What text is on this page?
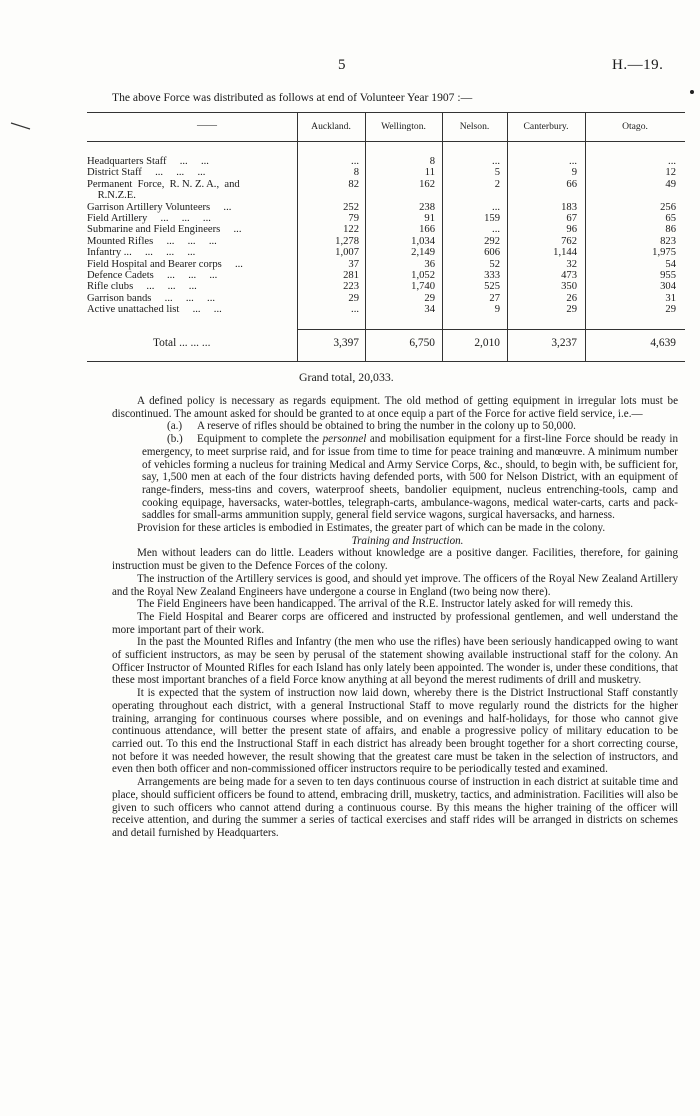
5	H.—19.
The above Force was distributed as follows at end of Volunteer Year 1907 :—
——	Auckland.	Wellington.	Nelson.	Canterbury.	Otago.
Headquarters Staff     ...     ...	...	8	...	...	...
District Staff     ...     ...     ...	8	11	5	9	12
Permanent  Force,  R. N. Z. A.,  and	82	162	2	66	49
R.N.Z.E.
Garrison Artillery Volunteers     ...	252	238	...	183	256
Field Artillery     ...     ...     ...	79	91	159	67	65
Submarine and Field Engineers     ...	122	166	...	96	86
Mounted Rifles     ...     ...     ...	1,278	1,034	292	762	823
Infantry ...     ...     ...     ...	1,007	2,149	606	1,144	1,975
Field Hospital and Bearer corps     ...	37	36	52	32	54
Defence Cadets     ...     ...     ...	281	1,052	333	473	955
Rifle clubs     ...     ...     ...	223	1,740	525	350	304
Garrison bands     ...     ...     ...	29	29	27	26	31
Active unattached list     ...     ...	...	34	9	29	29
Total ... ... ...	3,397	6,750	2,010	3,237	4,639
Grand total, 20,033.

A defined policy is necessary as regards equipment. The old method of getting equipment in irregular lots must be discontinued. The amount asked for should be granted to at once equip a part of the Force for active field service, i.e.—

(a.) A reserve of rifles should be obtained to bring the number in the colony up to 50,000.

(b.) Equipment to complete the personnel and mobilisation equipment for a first-line Force should be ready in emergency, to meet surprise raid, and for issue from time to time for peace training and manœuvre. A minimum number of vehicles forming a nucleus for training Medical and Army Service Corps, &c., should, to begin with, be sufficient for, say, 1,500 men at each of the four districts having defended ports, with 500 for Nelson District, with an equipment of range-finders, mess-tins and covers, waterproof sheets, bandolier equipment, nucleus entrenching-tools, camp and cooking equipage, haversacks, water-bottles, telegraph-carts, ambulance-wagons, medical water-carts, carts and pack-saddles for small-arms ammunition supply, general field service wagons, surgical haversacks, and harness.

Provision for these articles is embodied in Estimates, the greater part of which can be made in the colony.

Training and Instruction.

Men without leaders can do little. Leaders without knowledge are a positive danger. Facilities, therefore, for gaining instruction must be given to the Defence Forces of the colony.

The instruction of the Artillery services is good, and should yet improve. The officers of the Royal New Zealand Artillery and the Royal New Zealand Engineers have undergone a course in England (two being now there).

The Field Engineers have been handicapped. The arrival of the R.E. Instructor lately asked for will remedy this.

The Field Hospital and Bearer corps are officered and instructed by professional gentlemen, and well understand the more important part of their work.

In the past the Mounted Rifles and Infantry (the men who use the rifles) have been seriously handicapped owing to want of sufficient instructors, as may be seen by perusal of the statement showing available instructional staff for the colony. An Officer Instructor of Mounted Rifles for each Island has only lately been appointed. The wonder is, under these conditions, that these most important branches of a field Force know anything at all beyond the merest rudiments of drill and musketry.

It is expected that the system of instruction now laid down, whereby there is the District Instructional Staff constantly operating throughout each district, with a general Instructional Staff to move regularly round the districts for the higher training, arranging for continuous courses where possible, and on evenings and half-holidays, for those who cannot give continuous attendance, will better the present state of affairs, and enable a progressive policy of military education to be carried out. To this end the Instructional Staff in each district has already been brought together for a short correcting course, not before it was needed however, the result showing that the greatest care must be taken in the selection of instructors, and even then both officer and non-commissioned officer instructors require to be periodically tested and examined.

Arrangements are being made for a seven to ten days continuous course of instruction in each district at suitable time and place, should sufficient officers be found to attend, embracing drill, musketry, tactics, and administration. Facilities will also be given to such officers who cannot attend during a continuous course. By this means the higher training of the officer will receive attention, and during the summer a series of tactical exercises and staff rides will be arranged in districts on schemes and detail furnished by Headquarters.
